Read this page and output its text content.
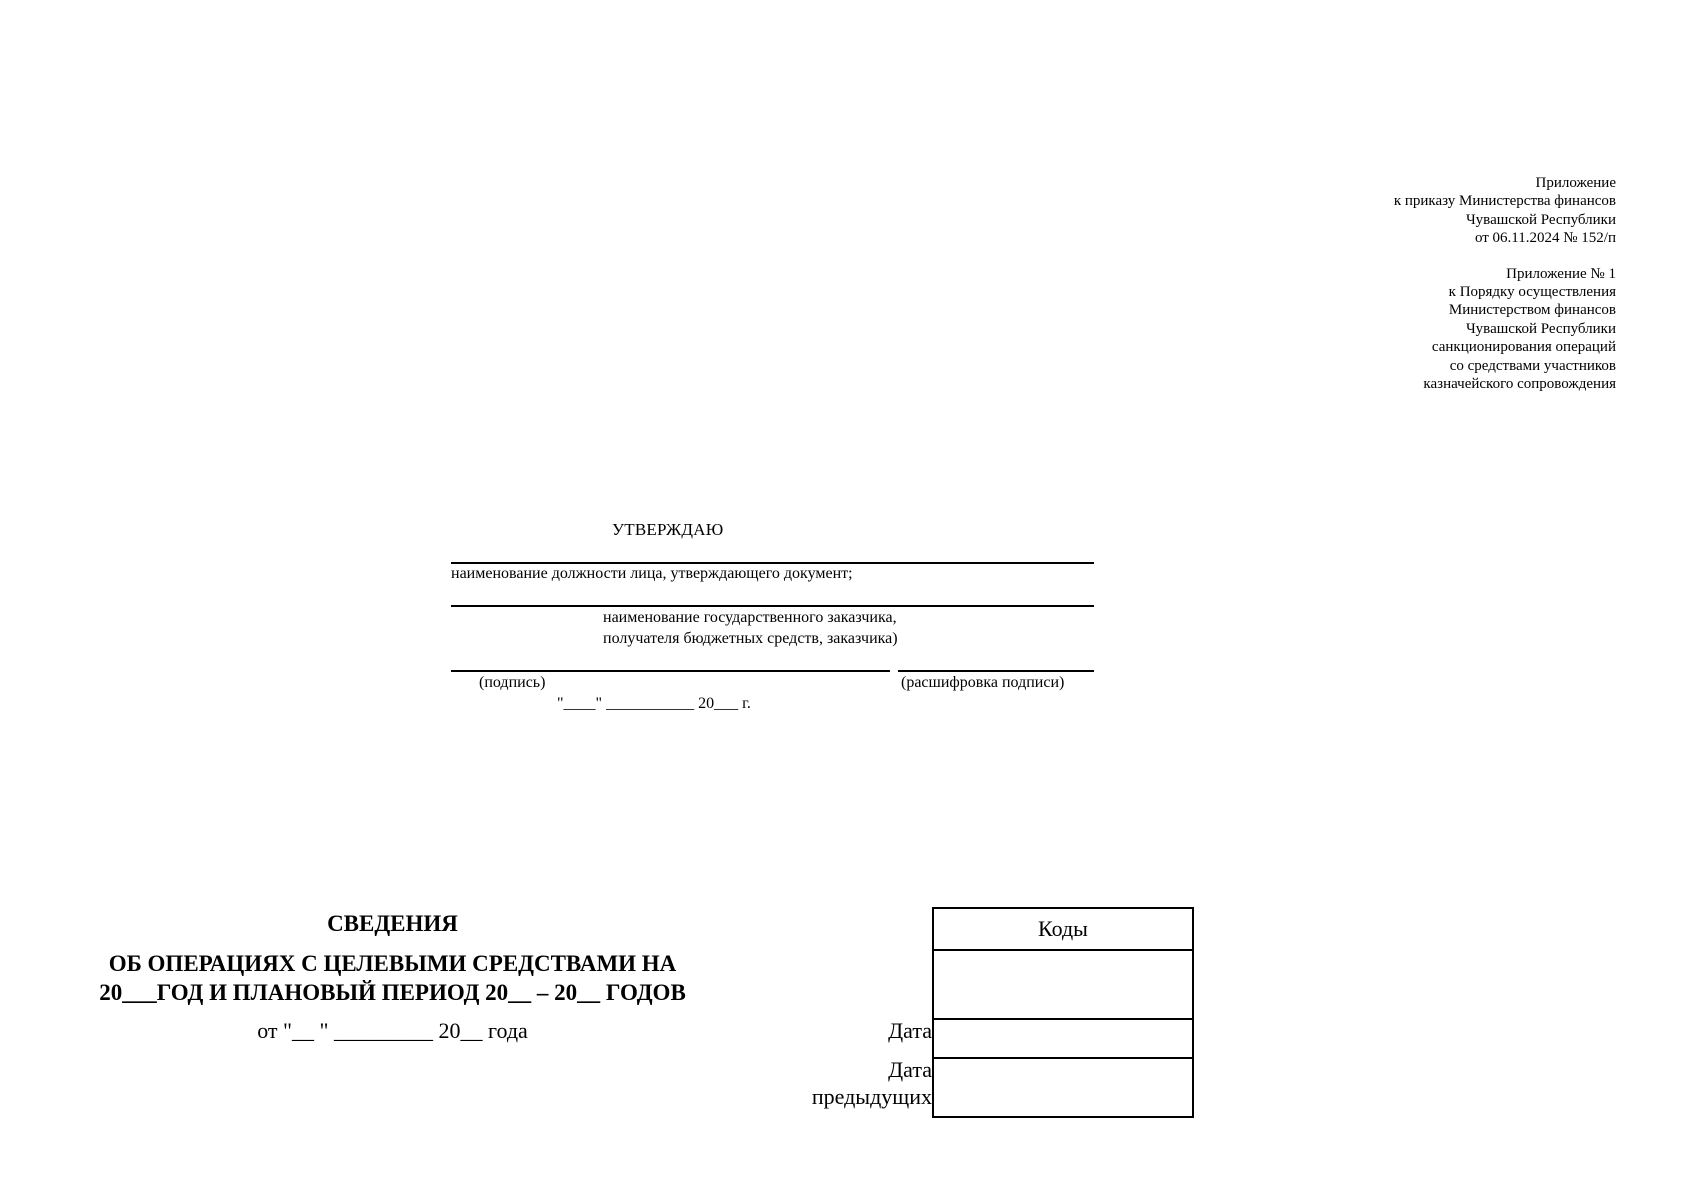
Приложение
к приказу Министерства финансов
Чувашской Республики
от 06.11.2024 № 152/п
Приложение № 1
к Порядку осуществления
Министерством финансов
Чувашской Республики
санкционирования операций
со средствами участников
казначейского сопровождения
УТВЕРЖДАЮ
наименование должности лица, утверждающего документ;
наименование государственного заказчика,
получателя бюджетных средств, заказчика)
(подпись)	(расшифровка подписи)
"____" ___________ 20___ г.
СВЕДЕНИЯ
ОБ ОПЕРАЦИЯХ С ЦЕЛЕВЫМИ СРЕДСТВАМИ НА
20___ГОД И ПЛАНОВЫЙ ПЕРИОД 20__ – 20__ ГОДОВ
от "__ " _________ 20__ года
Коды
Дата
Дата
предыдущих
